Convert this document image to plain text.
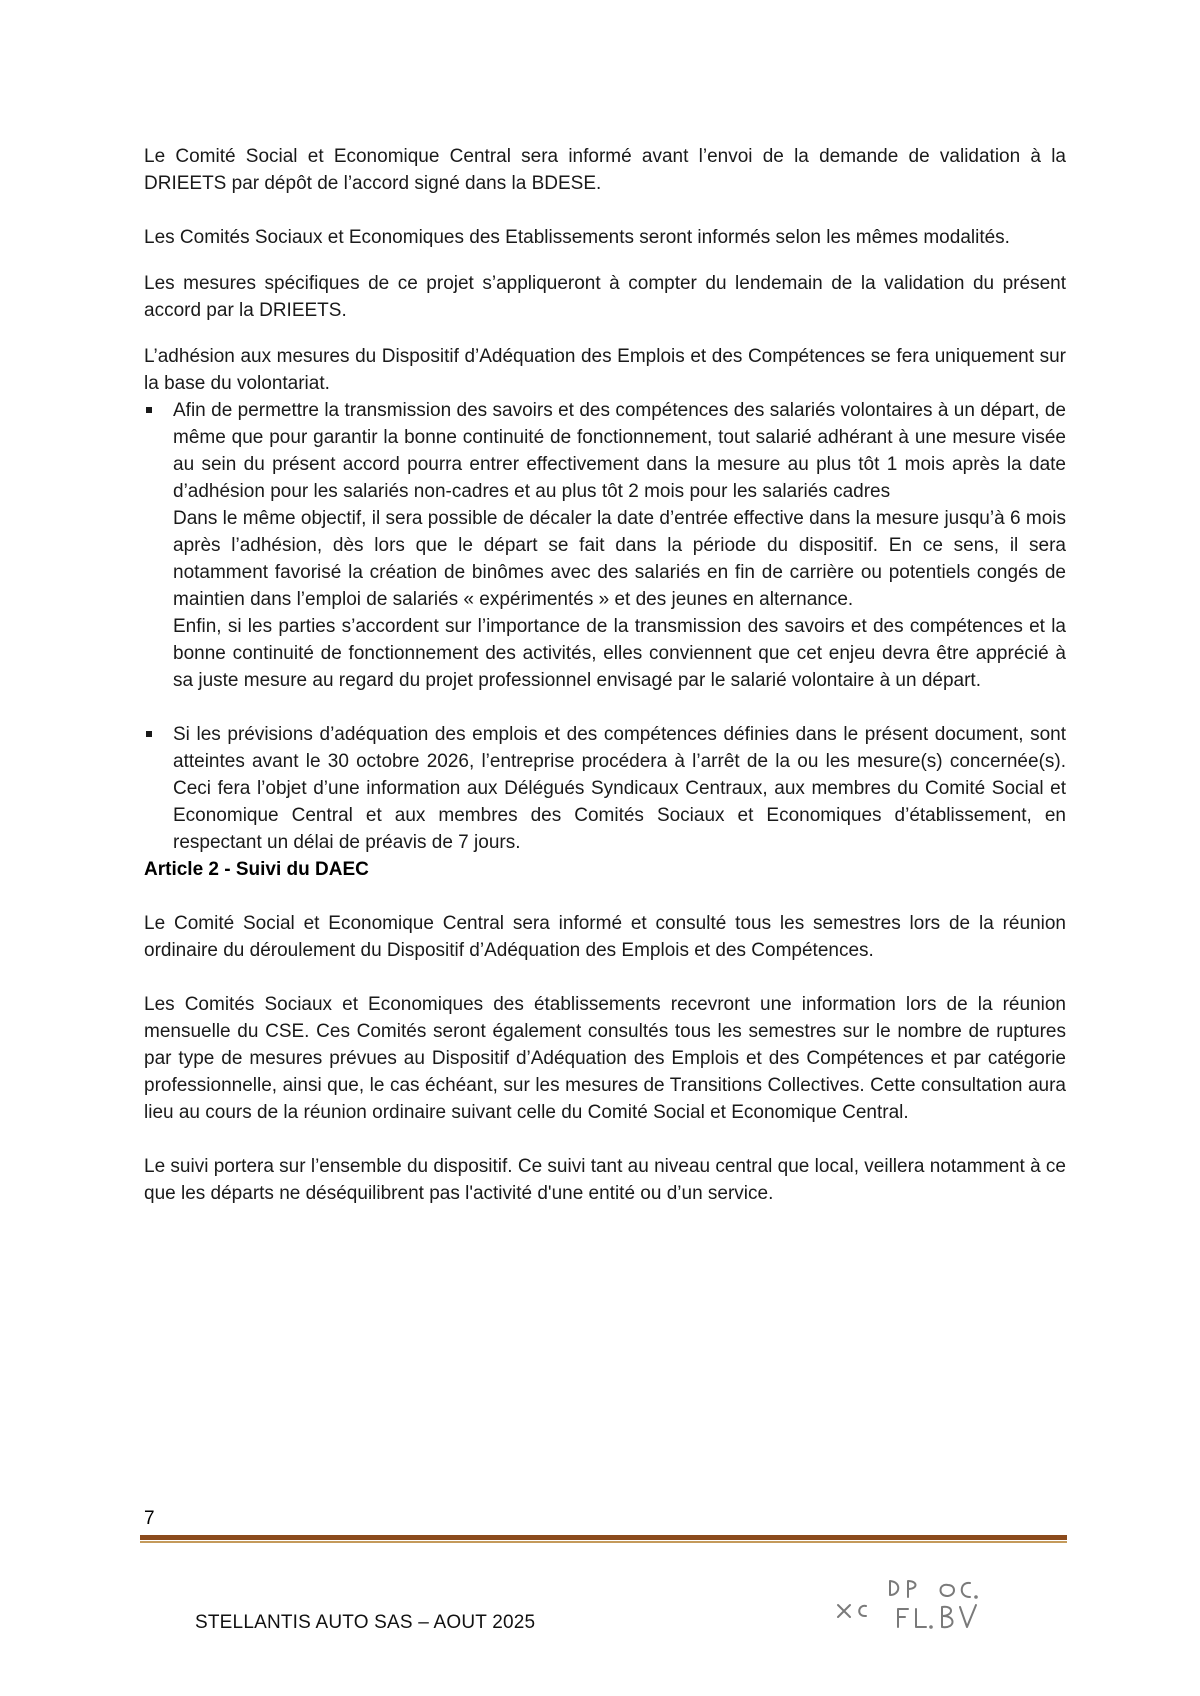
Le Comité Social et Economique Central sera informé avant l’envoi de la demande de validation à la DRIEETS par dépôt de l’accord signé dans la BDESE.

Les Comités Sociaux et Economiques des Etablissements seront informés selon les mêmes modalités.

Les mesures spécifiques de ce projet s’appliqueront à compter du lendemain de la validation du présent accord par la DRIEETS.

L’adhésion aux mesures du Dispositif d’Adéquation des Emplois et des Compétences se fera uniquement sur la base du volontariat.

Afin de permettre la transmission des savoirs et des compétences des salariés volontaires à un départ, de même que pour garantir la bonne continuité de fonctionnement, tout salarié adhérant à une mesure visée au sein du présent accord pourra entrer effectivement dans la mesure au plus tôt 1 mois après la date d’adhésion pour les salariés non-cadres et au plus tôt 2 mois pour les salariés cadres

Dans le même objectif, il sera possible de décaler la date d’entrée effective dans la mesure jusqu’à 6 mois après l’adhésion, dès lors que le départ se fait dans la période du dispositif. En ce sens, il sera notamment favorisé la création de binômes avec des salariés en fin de carrière ou potentiels congés de maintien dans l’emploi de salariés « expérimentés » et des jeunes en alternance.

Enfin, si les parties s’accordent sur l’importance de la transmission des savoirs et des compétences et la bonne continuité de fonctionnement des activités, elles conviennent que cet enjeu devra être apprécié à sa juste mesure au regard du projet professionnel envisagé par le salarié volontaire à un départ.

Si les prévisions d’adéquation des emplois et des compétences définies dans le présent document, sont atteintes avant le 30 octobre 2026, l’entreprise procédera à l’arrêt de la ou les mesure(s) concernée(s). Ceci fera l’objet d’une information aux Délégués Syndicaux Centraux, aux membres du Comité Social et Economique Central et aux membres des Comités Sociaux et Economiques d’établissement, en respectant un délai de préavis de 7 jours.

Article 2 - Suivi du DAEC

Le Comité Social et Economique Central sera informé et consulté tous les semestres lors de la réunion ordinaire du déroulement du Dispositif d’Adéquation des Emplois et des Compétences.

Les Comités Sociaux et Economiques des établissements recevront une information lors de la réunion mensuelle du CSE. Ces Comités seront également consultés tous les semestres sur le nombre de ruptures par type de mesures prévues au Dispositif d’Adéquation des Emplois et des Compétences et par catégorie professionnelle, ainsi que, le cas échéant, sur les mesures de Transitions Collectives. Cette consultation aura lieu au cours de la réunion ordinaire suivant celle du Comité Social et Economique Central.

Le suivi portera sur l’ensemble du dispositif. Ce suivi tant au niveau central que local, veillera notamment à ce que les départs ne déséquilibrent pas l'activité d'une entité ou d’un service.

7
STELLANTIS AUTO SAS – AOUT 2025
